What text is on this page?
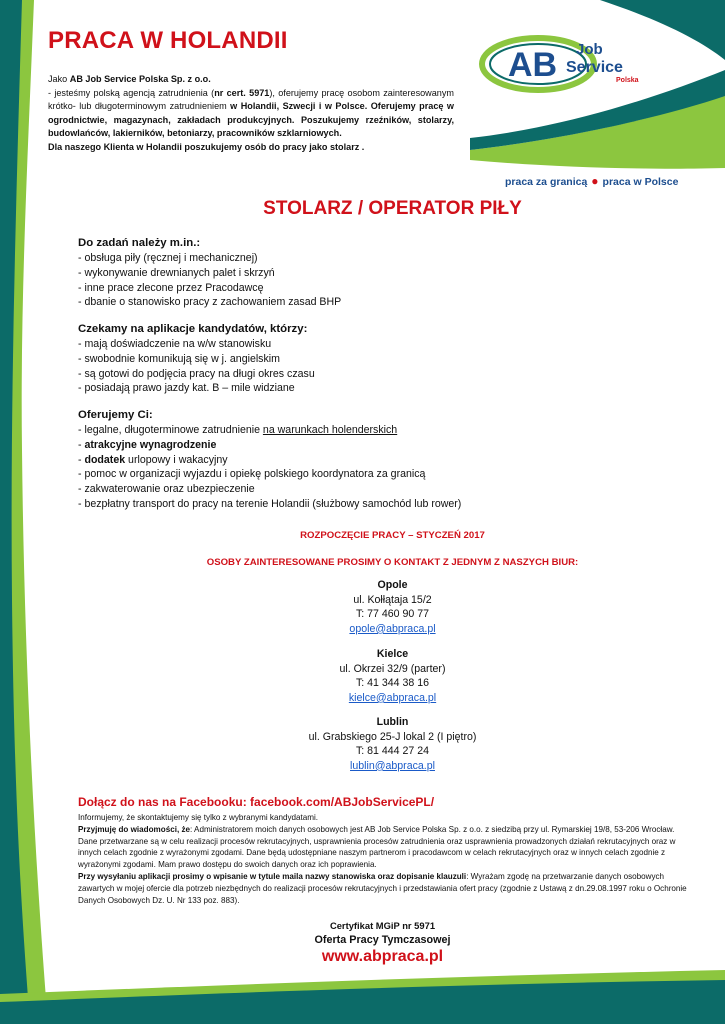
PRACA W HOLANDII

Jako AB Job Service Polska Sp. z o.o.

- jesteśmy polską agencją zatrudnienia (nr cert. 5971), oferujemy pracę osobom zainteresowanym krótko- lub długoterminowym zatrudnieniem w Holandii, Szwecji i w Polsce. Oferujemy pracę w ogrodnictwie, magazynach, zakładach produkcyjnych. Poszukujemy rzeźników, stolarzy, budowlańców, lakierników, betoniarzy, pracowników szklarniowych.

Dla naszego Klienta w Holandii poszukujemy osób do pracy jako stolarz .

AB Job
Service
Polska
praca za granicą ● praca w Polsce
STOLARZ / OPERATOR PIŁY
Do zadań należy m.in.:
- obsługa piły (ręcznej i mechanicznej)
- wykonywanie drewnianych palet i skrzyń
- inne prace zlecone przez Pracodawcę
- dbanie o stanowisko pracy z zachowaniem zasad BHP
Czekamy na aplikacje kandydatów, którzy:
- mają doświadczenie na w/w stanowisku
- swobodnie komunikują się w j. angielskim
- są gotowi do podjęcia pracy na długi okres czasu
- posiadają prawo jazdy kat. B – mile widziane
Oferujemy Ci:
- legalne, długoterminowe zatrudnienie na warunkach holenderskich
- atrakcyjne wynagrodzenie
- dodatek urlopowy i wakacyjny
- pomoc w organizacji wyjazdu i opiekę polskiego koordynatora za granicą
- zakwaterowanie oraz ubezpieczenie
- bezpłatny transport do pracy na terenie Holandii (służbowy samochód lub rower)
ROZPOCZĘCIE PRACY – STYCZEŃ 2017
OSOBY ZAINTERESOWANE PROSIMY O KONTAKT Z JEDNYM Z NASZYCH BIUR:
Opole
ul. Kołłątaja 15/2
T: 77 460 90 77
opole@abpraca.pl
Kielce
ul. Okrzei 32/9 (parter)
T: 41 344 38 16
kielce@abpraca.pl
Lublin
ul. Grabskiego 25-J lokal 2 (I piętro)
T: 81 444 27 24
lublin@abpraca.pl
Dołącz do nas na Facebooku: facebook.com/ABJobServicePL/

Informujemy, że skontaktujemy się tylko z wybranymi kandydatami.

Przyjmuję do wiadomości, że: Administratorem moich danych osobowych jest AB Job Service Polska Sp. z o.o. z siedzibą przy ul. Rymarskiej 19/8, 53-206 Wrocław. Dane przetwarzane są w celu realizacji procesów rekrutacyjnych, usprawnienia procesów zatrudnienia oraz usprawnienia prowadzonych działań rekrutacyjnych oraz w innych celach zgodnie z wyrażonymi zgodami. Dane będą udostępniane naszym partnerom i pracodawcom w celach rekrutacyjnych oraz w innych celach zgodnie z wyrażonymi zgodami. Mam prawo dostępu do swoich danych oraz ich poprawienia.

Przy wysyłaniu aplikacji prosimy o wpisanie w tytule maila nazwy stanowiska oraz dopisanie klauzuli: Wyrażam zgodę na przetwarzanie danych osobowych zawartych w mojej ofercie dla potrzeb niezbędnych do realizacji procesów rekrutacyjnych i przedstawiania ofert pracy (zgodnie z Ustawą z dn.29.08.1997 roku o Ochronie Danych Osobowych Dz. U. Nr 133 poz. 883).

Certyfikat MGiP nr 5971
Oferta Pracy Tymczasowej
www.abpraca.pl
